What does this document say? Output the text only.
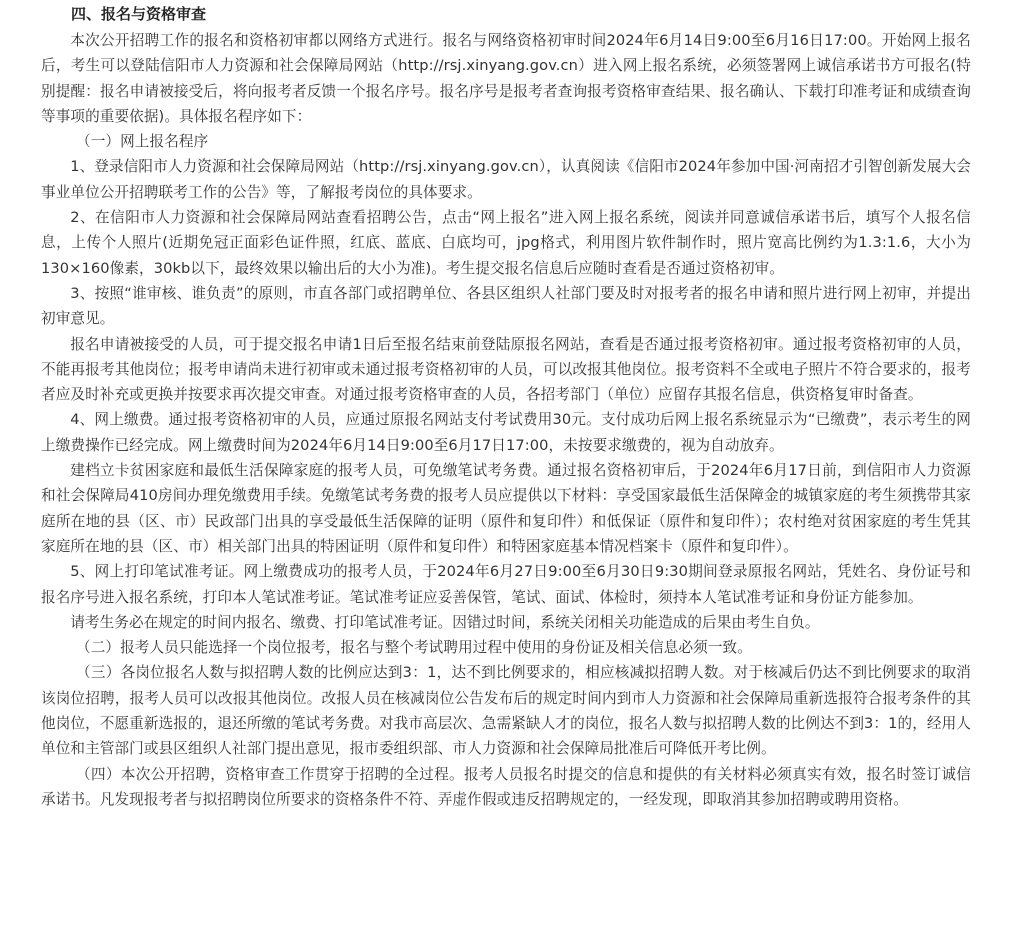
四、报名与资格审查

本次公开招聘工作的报名和资格初审都以网络方式进行。报名与网络资格初审时间2024年6月14日9:00至6月16日17:00。开始网上报名后，考生可以登陆信阳市人力资源和社会保障局网站（http://rsj.xinyang.gov.cn）进入网上报名系统，必须签署网上诚信承诺书方可报名(特别提醒：报名申请被接受后，将向报考者反馈一个报名序号。报名序号是报考者查询报考资格审查结果、报名确认、下载打印准考证和成绩查询等事项的重要依据)。具体报名程序如下：

（一）网上报名程序

1、登录信阳市人力资源和社会保障局网站（http://rsj.xinyang.gov.cn），认真阅读《信阳市2024年参加中国·河南招才引智创新发展大会事业单位公开招聘联考工作的公告》等，了解报考岗位的具体要求。

2、在信阳市人力资源和社会保障局网站查看招聘公告，点击“网上报名”进入网上报名系统，阅读并同意诚信承诺书后，填写个人报名信息，上传个人照片(近期免冠正面彩色证件照，红底、蓝底、白底均可，jpg格式，利用图片软件制作时，照片宽高比例约为1.3:1.6，大小为130×160像素，30kb以下，最终效果以输出后的大小为准)。考生提交报名信息后应随时查看是否通过资格初审。

3、按照“谁审核、谁负责”的原则，市直各部门或招聘单位、各县区组织人社部门要及时对报考者的报名申请和照片进行网上初审，并提出初审意见。

报名申请被接受的人员，可于提交报名申请1日后至报名结束前登陆原报名网站，查看是否通过报考资格初审。通过报考资格初审的人员，不能再报考其他岗位；报考申请尚未进行初审或未通过报考资格初审的人员，可以改报其他岗位。报考资料不全或电子照片不符合要求的，报考者应及时补充或更换并按要求再次提交审查。对通过报考资格审查的人员，各招考部门（单位）应留存其报名信息，供资格复审时备查。

4、网上缴费。通过报考资格初审的人员，应通过原报名网站支付考试费用30元。支付成功后网上报名系统显示为“已缴费”，表示考生的网上缴费操作已经完成。网上缴费时间为2024年6月14日9:00至6月17日17:00，未按要求缴费的，视为自动放弃。

建档立卡贫困家庭和最低生活保障家庭的报考人员，可免缴笔试考务费。通过报名资格初审后，于2024年6月17日前，到信阳市人力资源和社会保障局410房间办理免缴费用手续。免缴笔试考务费的报考人员应提供以下材料：享受国家最低生活保障金的城镇家庭的考生须携带其家庭所在地的县（区、市）民政部门出具的享受最低生活保障的证明（原件和复印件）和低保证（原件和复印件）；农村绝对贫困家庭的考生凭其家庭所在地的县（区、市）相关部门出具的特困证明（原件和复印件）和特困家庭基本情况档案卡（原件和复印件）。

5、网上打印笔试准考证。网上缴费成功的报考人员，于2024年6月27日9:00至6月30日9:30期间登录原报名网站，凭姓名、身份证号和报名序号进入报名系统，打印本人笔试准考证。笔试准考证应妥善保管，笔试、面试、体检时，须持本人笔试准考证和身份证方能参加。

请考生务必在规定的时间内报名、缴费、打印笔试准考证。因错过时间，系统关闭相关功能造成的后果由考生自负。

（二）报考人员只能选择一个岗位报考，报名与整个考试聘用过程中使用的身份证及相关信息必须一致。

（三）各岗位报名人数与拟招聘人数的比例应达到3：1，达不到比例要求的，相应核减拟招聘人数。对于核减后仍达不到比例要求的取消该岗位招聘，报考人员可以改报其他岗位。改报人员在核减岗位公告发布后的规定时间内到市人力资源和社会保障局重新选报符合报考条件的其他岗位，不愿重新选报的，退还所缴的笔试考务费。对我市高层次、急需紧缺人才的岗位，报名人数与拟招聘人数的比例达不到3：1的，经用人单位和主管部门或县区组织人社部门提出意见，报市委组织部、市人力资源和社会保障局批准后可降低开考比例。

（四）本次公开招聘，资格审查工作贯穿于招聘的全过程。报考人员报名时提交的信息和提供的有关材料必须真实有效，报名时签订诚信承诺书。凡发现报考者与拟招聘岗位所要求的资格条件不符、弄虚作假或违反招聘规定的，一经发现，即取消其参加招聘或聘用资格。
